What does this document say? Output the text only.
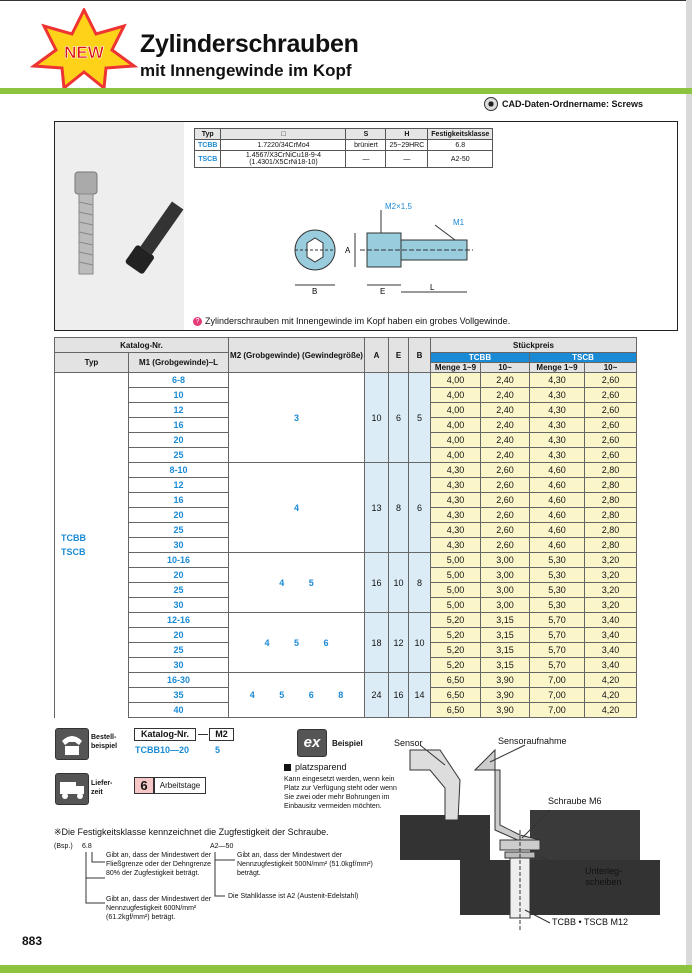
NEW Zylinderschrauben
mit Innengewinde im Kopf
CAD-Daten-Ordnername: Screws
Typ	□	S	H	Festigkeitsklasse
TCBB	1.7220/34CrMo4	brüniert	25~29HRC	6.8
TSCB	1.4567/X3CrNiCu18-9-4 (1.4301/X5CrNi18-10)	—	—	A2-50
A
B	E	L
M2×1.5
M1
? Zylinderschrauben mit Innengewinde im Kopf haben ein grobes Vollgewinde.
Katalog-Nr.		M2 (Grobgewinde) (Gewindegröße)	A	E	B	Stückpreis			
Typ	M1 (Grobgewinde)–L					TCBB		TSCB	
						Menge 1~9	10~	Menge 1~9	10~

TCBB
TSCB	6-8	3	10	6	5	4,00	2,40	4,30	2,60
	10					4,00	2,40	4,30	2,60
	12					4,00	2,40	4,30	2,60
	16					4,00	2,40	4,30	2,60
	20					4,00	2,40	4,30	2,60
	25					4,00	2,40	4,30	2,60
	8-10	4	13	8	6	4,30	2,60	4,60	2,80
	12					4,30	2,60	4,60	2,80
	16					4,30	2,60	4,60	2,80
	20					4,30	2,60	4,60	2,80
	25					4,30	2,60	4,60	2,80
	30					4,30	2,60	4,60	2,80
	10-16	4 5	16	10	8	5,00	3,00	5,30	3,20
	20					5,00	3,00	5,30	3,20
	25					5,00	3,00	5,30	3,20
	30					5,00	3,00	5,30	3,20
	12-16	4 5 6	18	12	10	5,20	3,15	5,70	3,40
	20					5,20	3,15	5,70	3,40
	25					5,20	3,15	5,70	3,40
	30					5,20	3,15	5,70	3,40
	16-30	4 5 6 8	24	16	14	6,50	3,90	7,00	4,20
	35					6,50	3,90	7,00	4,20
	40					6,50	3,90	7,00	4,20
Bestell-beispiel
Katalog-Nr.	M2
TCBB10—20	5
Liefer-zeit	6	Arbeitstage
ex	Beispiel
platzsparend
Kann eingesetzt werden, wenn kein Platz zur Verfügung steht oder wenn Sie zwei oder mehr Bohrungen im Einbausitz vermeiden möchten.
Sensor	Sensoraufnahme
Schraube M6
Unterleg-scheiben
TCBB • TSCB M12
※Die Festigkeitsklasse kennzeichnet die Zugfestigkeit der Schraube.
(Bsp.) 6.8	A2—50
Gibt an, dass der Mindestwert der Fließgrenze oder der Dehngrenze 80% der Zugfestigkeit beträgt.
Gibt an, dass der Mindestwert der Nennzugfestigkeit 600N/mm² (61.2kgf/mm²) beträgt.
Gibt an, dass der Mindestwert der Nennzugfestigkeit 500N/mm² (51.0kgf/mm²) beträgt.
Die Stahlklasse ist A2 (Austenit-Edelstahl)
883
